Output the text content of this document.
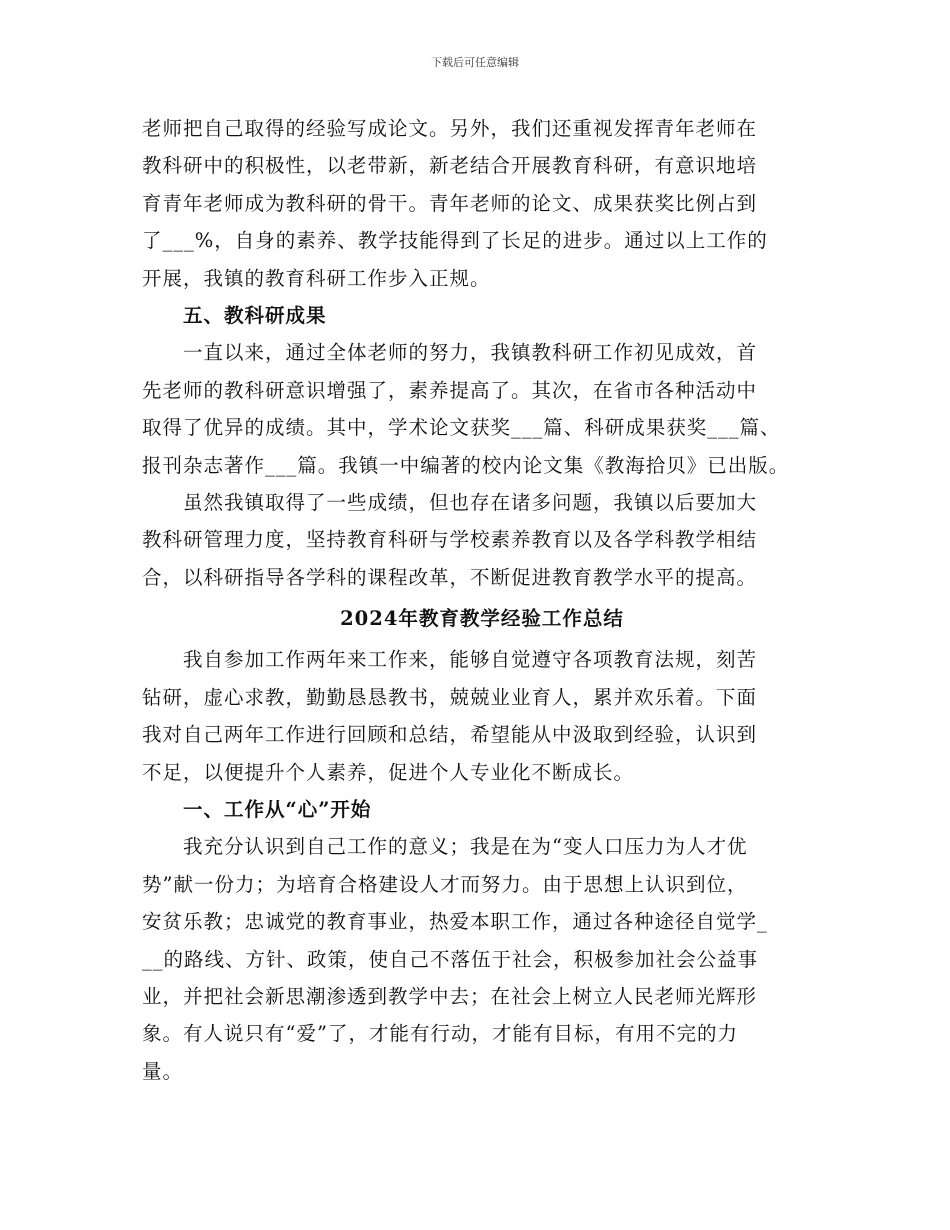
下载后可任意编辑
老师把自己取得的经验写成论文。另外，我们还重视发挥青年老师在
教科研中的积极性，以老带新，新老结合开展教育科研，有意识地培
育青年老师成为教科研的骨干。青年老师的论文、成果获奖比例占到
了___%，自身的素养、教学技能得到了长足的进步。通过以上工作的
开展，我镇的教育科研工作步入正规。
五、教科研成果
一直以来，通过全体老师的努力，我镇教科研工作初见成效，首
先老师的教科研意识增强了，素养提高了。其次，在省市各种活动中
取得了优异的成绩。其中，学术论文获奖___篇、科研成果获奖___篇、
报刊杂志著作___篇。我镇一中编著的校内论文集《教海拾贝》已出版。
虽然我镇取得了一些成绩，但也存在诸多问题，我镇以后要加大
教科研管理力度，坚持教育科研与学校素养教育以及各学科教学相结
合，以科研指导各学科的课程改革，不断促进教育教学水平的提高。
2024年教育教学经验工作总结
我自参加工作两年来工作来，能够自觉遵守各项教育法规，刻苦
钻研，虚心求教，勤勤恳恳教书，兢兢业业育人，累并欢乐着。下面
我对自己两年工作进行回顾和总结，希望能从中汲取到经验，认识到
不足，以便提升个人素养，促进个人专业化不断成长。
一、工作从“心”开始
我充分认识到自己工作的意义；我是在为“变人口压力为人才优
势”献一份力；为培育合格建设人才而努力。由于思想上认识到位，
安贫乐教；忠诚党的教育事业，热爱本职工作，通过各种途径自觉学_
__的路线、方针、政策，使自己不落伍于社会，积极参加社会公益事
业，并把社会新思潮渗透到教学中去；在社会上树立人民老师光辉形
象。有人说只有“爱”了，才能有行动，才能有目标，有用不完的力
量。
